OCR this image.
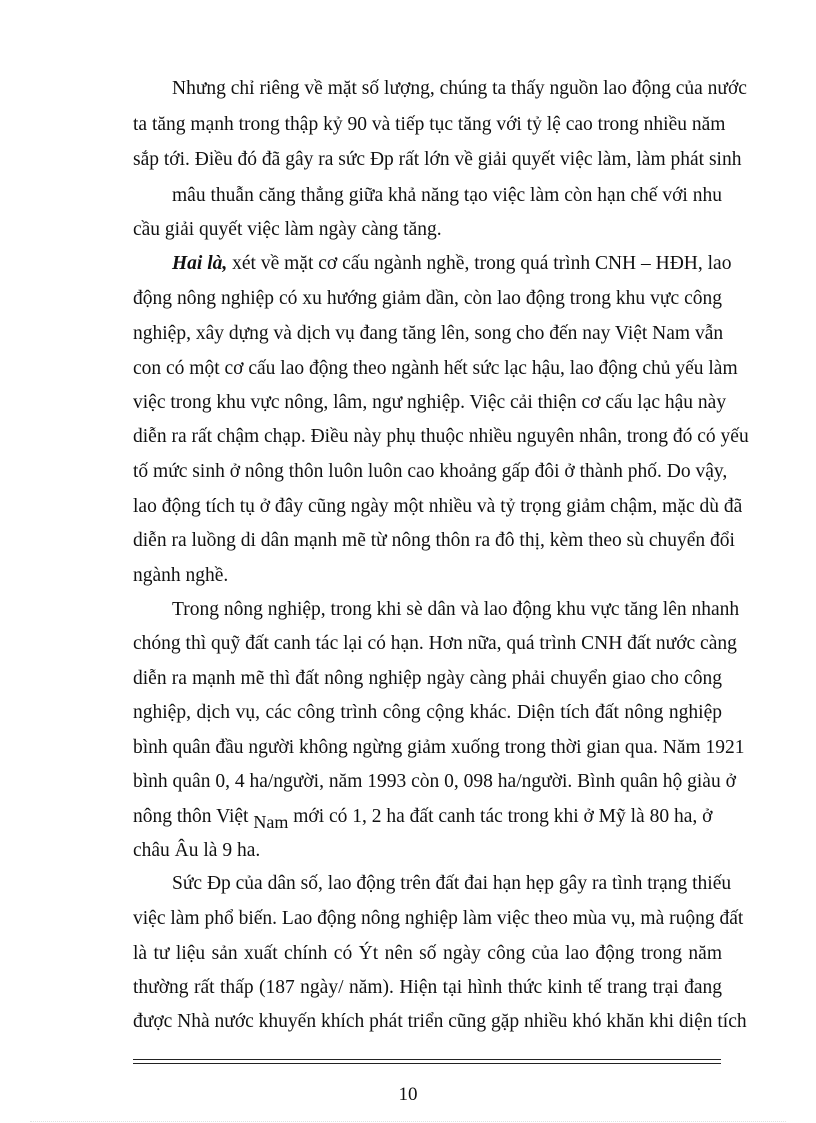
Nhưng chỉ riêng về mặt số lượng, chúng ta thấy nguồn lao động của nước

ta tăng mạnh trong thập kỷ 90 và tiếp tục tăng với tỷ lệ cao trong nhiều năm

sắp tới. Điều đó đã gây ra sức Ðp rất lớn về giải quyết việc làm, làm phát sinh

mâu thuẫn căng thẳng giữa khả năng tạo việc làm còn hạn chế với nhu

cầu giải quyết việc làm ngày càng tăng.

Hai là, xét về mặt cơ cấu ngành nghề, trong quá trình CNH – HĐH, lao

động nông nghiệp có xu hướng giảm dần, còn lao động trong khu vực công

nghiệp, xây dựng và dịch vụ đang tăng lên, song cho đến nay Việt Nam vẫn

con có một cơ cấu lao động theo ngành hết sức lạc hậu, lao động chủ yếu làm

việc trong khu vực nông, lâm, ngư nghiệp. Việc cải thiện cơ cấu lạc hậu này

diễn ra rất chậm chạp. Điều này phụ thuộc nhiều nguyên nhân, trong đó có yếu

tố mức sinh ở nông thôn luôn luôn cao khoảng gấp đôi ở thành phố. Do vậy,

lao động tích tụ ở đây cũng ngày một nhiều và tỷ trọng giảm chậm, mặc dù đã

diễn ra luồng di dân mạnh mẽ từ nông thôn ra đô thị, kèm theo sù chuyển đổi

ngành nghề.

Trong nông nghiệp, trong khi sè dân và lao động khu vực tăng lên nhanh

chóng thì quỹ đất canh tác lại có hạn. Hơn nữa, quá trình CNH đất nước càng

diễn ra mạnh mẽ thì đất nông nghiệp ngày càng phải chuyển giao cho công

nghiệp, dịch vụ, các công trình công cộng khác. Diện tích đất nông nghiệp

bình quân đầu người không ngừng giảm xuống trong thời gian qua. Năm 1921

bình quân 0, 4 ha/người, năm 1993 còn 0, 098 ha/người. Bình quân hộ giàu ở

nông thôn Việt Nam mới có 1, 2 ha đất canh tác trong khi ở Mỹ là 80 ha, ở

châu Âu là 9 ha.

Sức Ðp của dân số, lao động trên đất đai hạn hẹp gây ra tình trạng thiếu

việc làm phổ biến. Lao động nông nghiệp làm việc theo mùa vụ, mà ruộng đất

là tư liệu sản xuất chính có Ýt nên số ngày công của lao động trong năm

thường rất thấp (187 ngày/ năm). Hiện tại hình thức kinh tế trang trại đang

được Nhà nước khuyến khích phát triển cũng gặp nhiều khó khăn khi diện tích

10
